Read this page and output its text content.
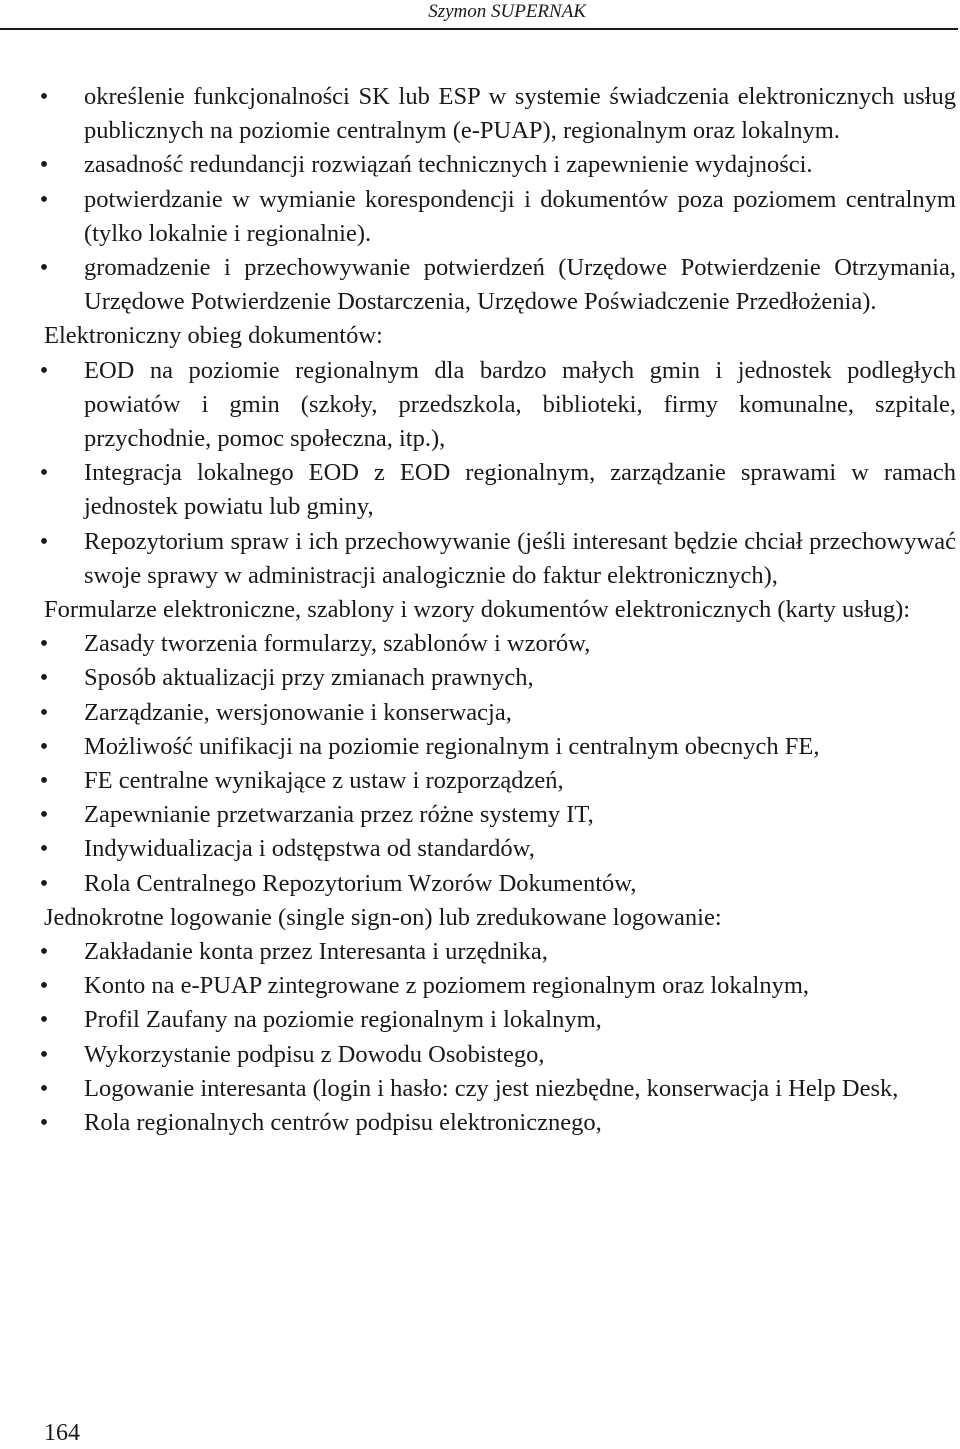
Szymon SUPERNAK
• określenie funkcjonalności SK lub ESP w systemie świadczenia elektronicznych usług publicznych na poziomie centralnym (e-PUAP), regionalnym oraz lokalnym.
• zasadność redundancji rozwiązań technicznych i zapewnienie wydajności.
• potwierdzanie w wymianie korespondencji i dokumentów poza poziomem centralnym (tylko lokalnie i regionalnie).
• gromadzenie i przechowywanie potwierdzeń (Urzędowe Potwierdzenie Otrzymania, Urzędowe Potwierdzenie Dostarczenia, Urzędowe Poświadczenie Przedłożenia).
Elektroniczny obieg dokumentów:
• EOD na poziomie regionalnym dla bardzo małych gmin i jednostek podległych powiatów i gmin (szkoły, przedszkola, biblioteki, firmy komunalne, szpitale, przychodnie, pomoc społeczna, itp.),
• Integracja lokalnego EOD z EOD regionalnym, zarządzanie sprawami w ramach jednostek powiatu lub gminy,
• Repozytorium spraw i ich przechowywanie (jeśli interesant będzie chciał przechowywać swoje sprawy w administracji analogicznie do faktur elektronicznych),
Formularze elektroniczne, szablony i wzory dokumentów elektronicznych (karty usług):
• Zasady tworzenia formularzy, szablonów i wzorów,
• Sposób aktualizacji przy zmianach prawnych,
• Zarządzanie, wersjonowanie i konserwacja,
• Możliwość unifikacji na poziomie regionalnym i centralnym obecnych FE,
• FE centralne wynikające z ustaw i rozporządzeń,
• Zapewnianie przetwarzania przez różne systemy IT,
• Indywidualizacja i odstępstwa od standardów,
• Rola Centralnego Repozytorium Wzorów Dokumentów,
Jednokrotne logowanie (single sign-on) lub zredukowane logowanie:
• Zakładanie konta przez Interesanta i urzędnika,
• Konto na e-PUAP zintegrowane z poziomem regionalnym oraz lokalnym,
• Profil Zaufany na poziomie regionalnym i lokalnym,
• Wykorzystanie podpisu z Dowodu Osobistego,
• Logowanie interesanta (login i hasło: czy jest niezbędne, konserwacja i Help Desk,
• Rola regionalnych centrów podpisu elektronicznego,
164
